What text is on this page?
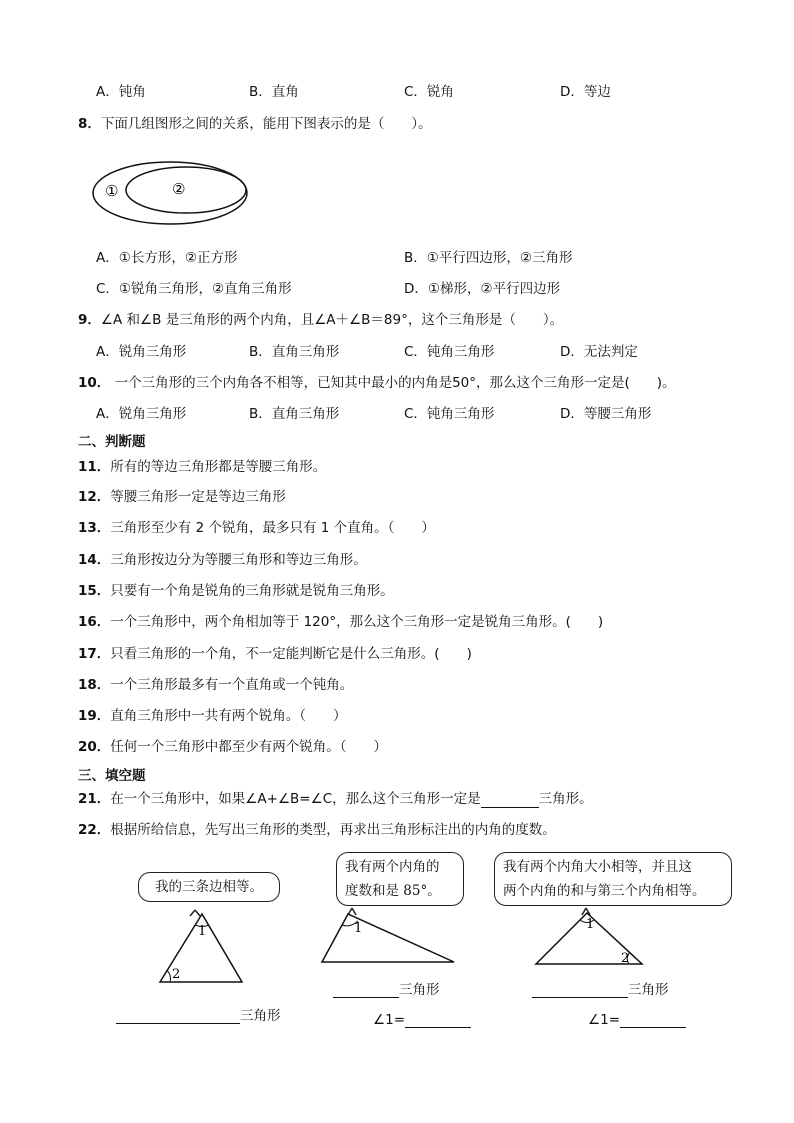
A．钝角	B．直角	C．锐角	D．等边
8．下面几组图形之间的关系，能用下图表示的是（　　）。
①	②
A．①长方形，②正方形	B．①平行四边形，②三角形
C．①锐角三角形，②直角三角形	D．①梯形，②平行四边形
9．∠A 和∠B 是三角形的两个内角，且∠A＋∠B＝89°，这个三角形是（　　）。
A．锐角三角形	B．直角三角形	C．钝角三角形	D．无法判定
10． 一个三角形的三个内角各不相等，已知其中最小的内角是50°，那么这个三角形一定是(　　)。
A．锐角三角形	B．直角三角形	C．钝角三角形	D．等腰三角形
二、判断题
11．所有的等边三角形都是等腰三角形。
12．等腰三角形一定是等边三角形
13．三角形至少有 2 个锐角，最多只有 1 个直角。（　　）
14．三角形按边分为等腰三角形和等边三角形。
15．只要有一个角是锐角的三角形就是锐角三角形。
16．一个三角形中，两个角相加等于 120°，那么这个三角形一定是锐角三角形。(　　)
17．只看三角形的一个角，不一定能判断它是什么三角形。(　　)
18．一个三角形最多有一个直角或一个钝角。
19．直角三角形中一共有两个锐角。（　　）
20．任何一个三角形中都至少有两个锐角。（　　）
三、填空题
21．在一个三角形中，如果∠A+∠B=∠C，那么这个三角形一定是	三角形。
22．根据所给信息，先写出三角形的类型，再求出三角形标注出的内角的度数。
我的三条边相等。
1
2
三角形
我有两个内角的
度数和是 85°。
1
三角形
∠1=
我有两个内角大小相等，并且这
两个内角的和与第三个内角相等。
1
2
三角形
∠1=
